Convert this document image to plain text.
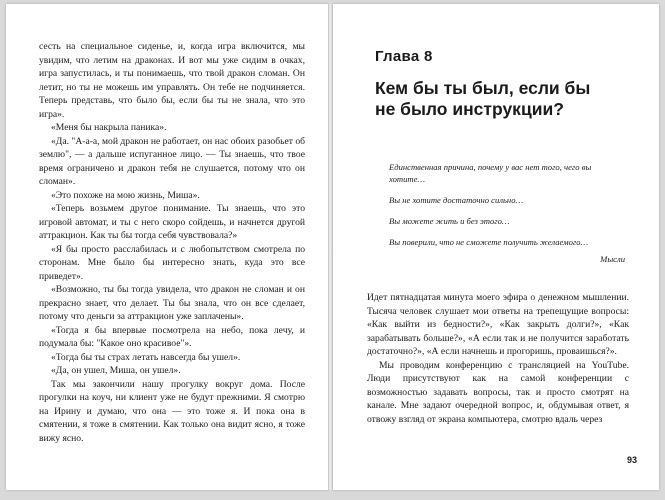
сесть на специальное сиденье, и, когда игра включится, мы увидим, что летим на драконах. И вот мы уже сидим в очках, игра запустилась, и ты понимаешь, что твой дракон сломан. Он летит, но ты не можешь им управлять. Он тебе не подчиняется. Теперь представь, что было бы, если бы ты не знала, что это игра».

«Меня бы накрыла паника».

«Да. "А-а-а, мой дракон не работает, он нас обоих разобьет об землю", — а дальше испуганное лицо. — Ты знаешь, что твое время ограничено и дракон тебя не слушается, потому что он сломан».

«Это похоже на мою жизнь, Миша».

«Теперь возьмем другое понимание. Ты знаешь, что это игровой автомат, и ты с него скоро сойдешь, и начнется другой аттракцион. Как ты бы тогда себя чувствовала?»

«Я бы просто расслабилась и с любопытством смотрела по сторонам. Мне было бы интересно знать, куда это все приведет».

«Возможно, ты бы тогда увидела, что дракон не сломан и он прекрасно знает, что делает. Ты бы знала, что он все сделает, потому что деньги за аттракцион уже заплачены».

«Тогда я бы впервые посмотрела на небо, пока лечу, и подумала бы: "Какое оно красивое"».

«Тогда бы ты страх летать навсегда бы ушел».

«Да, он ушел, Миша, он ушел».

Так мы закончили нашу прогулку вокруг дома. После прогулки на коуч, ни клиент уже не будут прежними. Я смотрю на Ирину и думаю, что она — это тоже я. И пока она в смятении, я тоже в смятении. Как только она видит ясно, я тоже вижу ясно.

Глава 8
Кем бы ты был, если бы
не было инструкции?

Единственная причина, почему у вас нет того, чего вы хотите…

Вы не хотите достаточно сильно…

Вы можете жить и без этого…

Вы поверили, что не сможете получить желаемого…

Мысли

Идет пятнадцатая минута моего эфира о денежном мышлении. Тысяча человек слушает мои ответы на трепещущие вопросы: «Как выйти из бедности?», «Как закрыть долги?», «Как зарабатывать больше?», «А если так и не получится заработать достаточно?», «А если начнешь и прогоришь, проваишься?».

Мы проводим конференцию с трансляцией на YouTube. Люди присутствуют как на самой конференции с возможностью задавать вопросы, так и просто смотрят на канале. Мне задают очередной вопрос, и, обдумывая ответ, я отвожу взгляд от экрана компьютера, смотрю вдаль через

93
